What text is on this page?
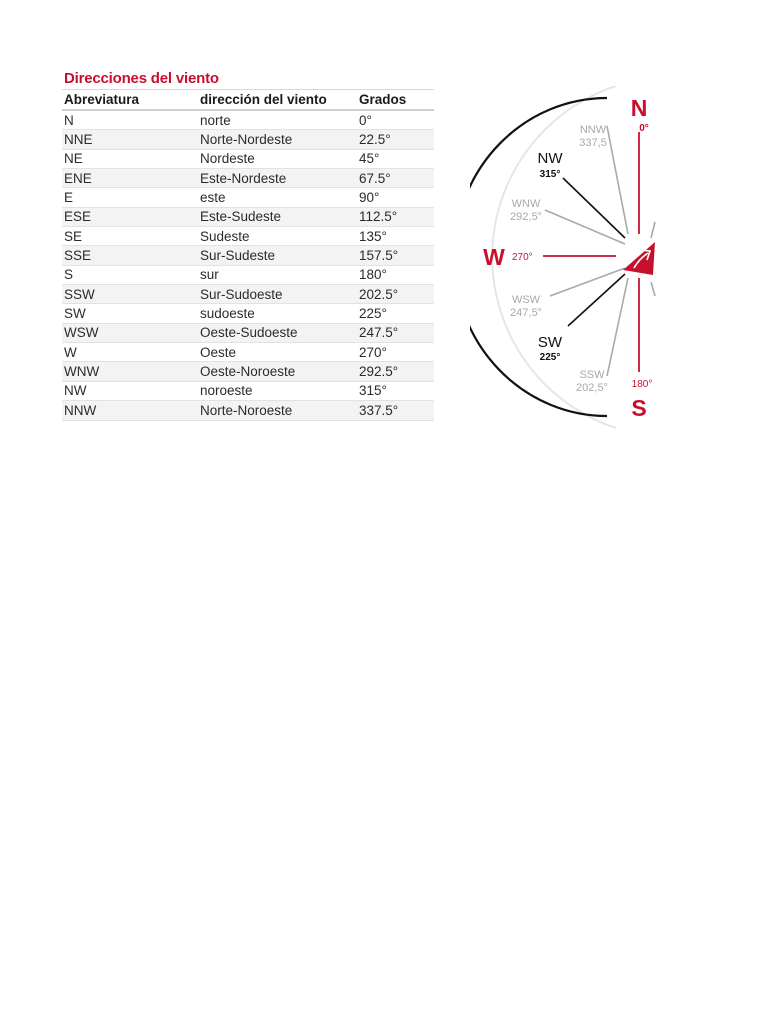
Direcciones del viento
Abreviatura	dirección del viento	Grados
N	norte	0°
NNE	Norte-Nordeste	22.5°
NE	Nordeste	45°
ENE	Este-Nordeste	67.5°
E	este	90°
ESE	Este-Sudeste	112.5°
SE	Sudeste	135°
SSE	Sur-Sudeste	157.5°
S	sur	180°
SSW	Sur-Sudoeste	202.5°
SW	sudoeste	225°
WSW	Oeste-Sudoeste	247.5°
W	Oeste	270°
WNW	Oeste-Noroeste	292.5°
NW	noroeste	315°
NNW	Norte-Noroeste	337.5°
N
0°
W 270°
S
180°
NW
315°
SW
225°
NNW
337,5
WNW
292,5°
WSW
247,5°
SSW
202,5°
